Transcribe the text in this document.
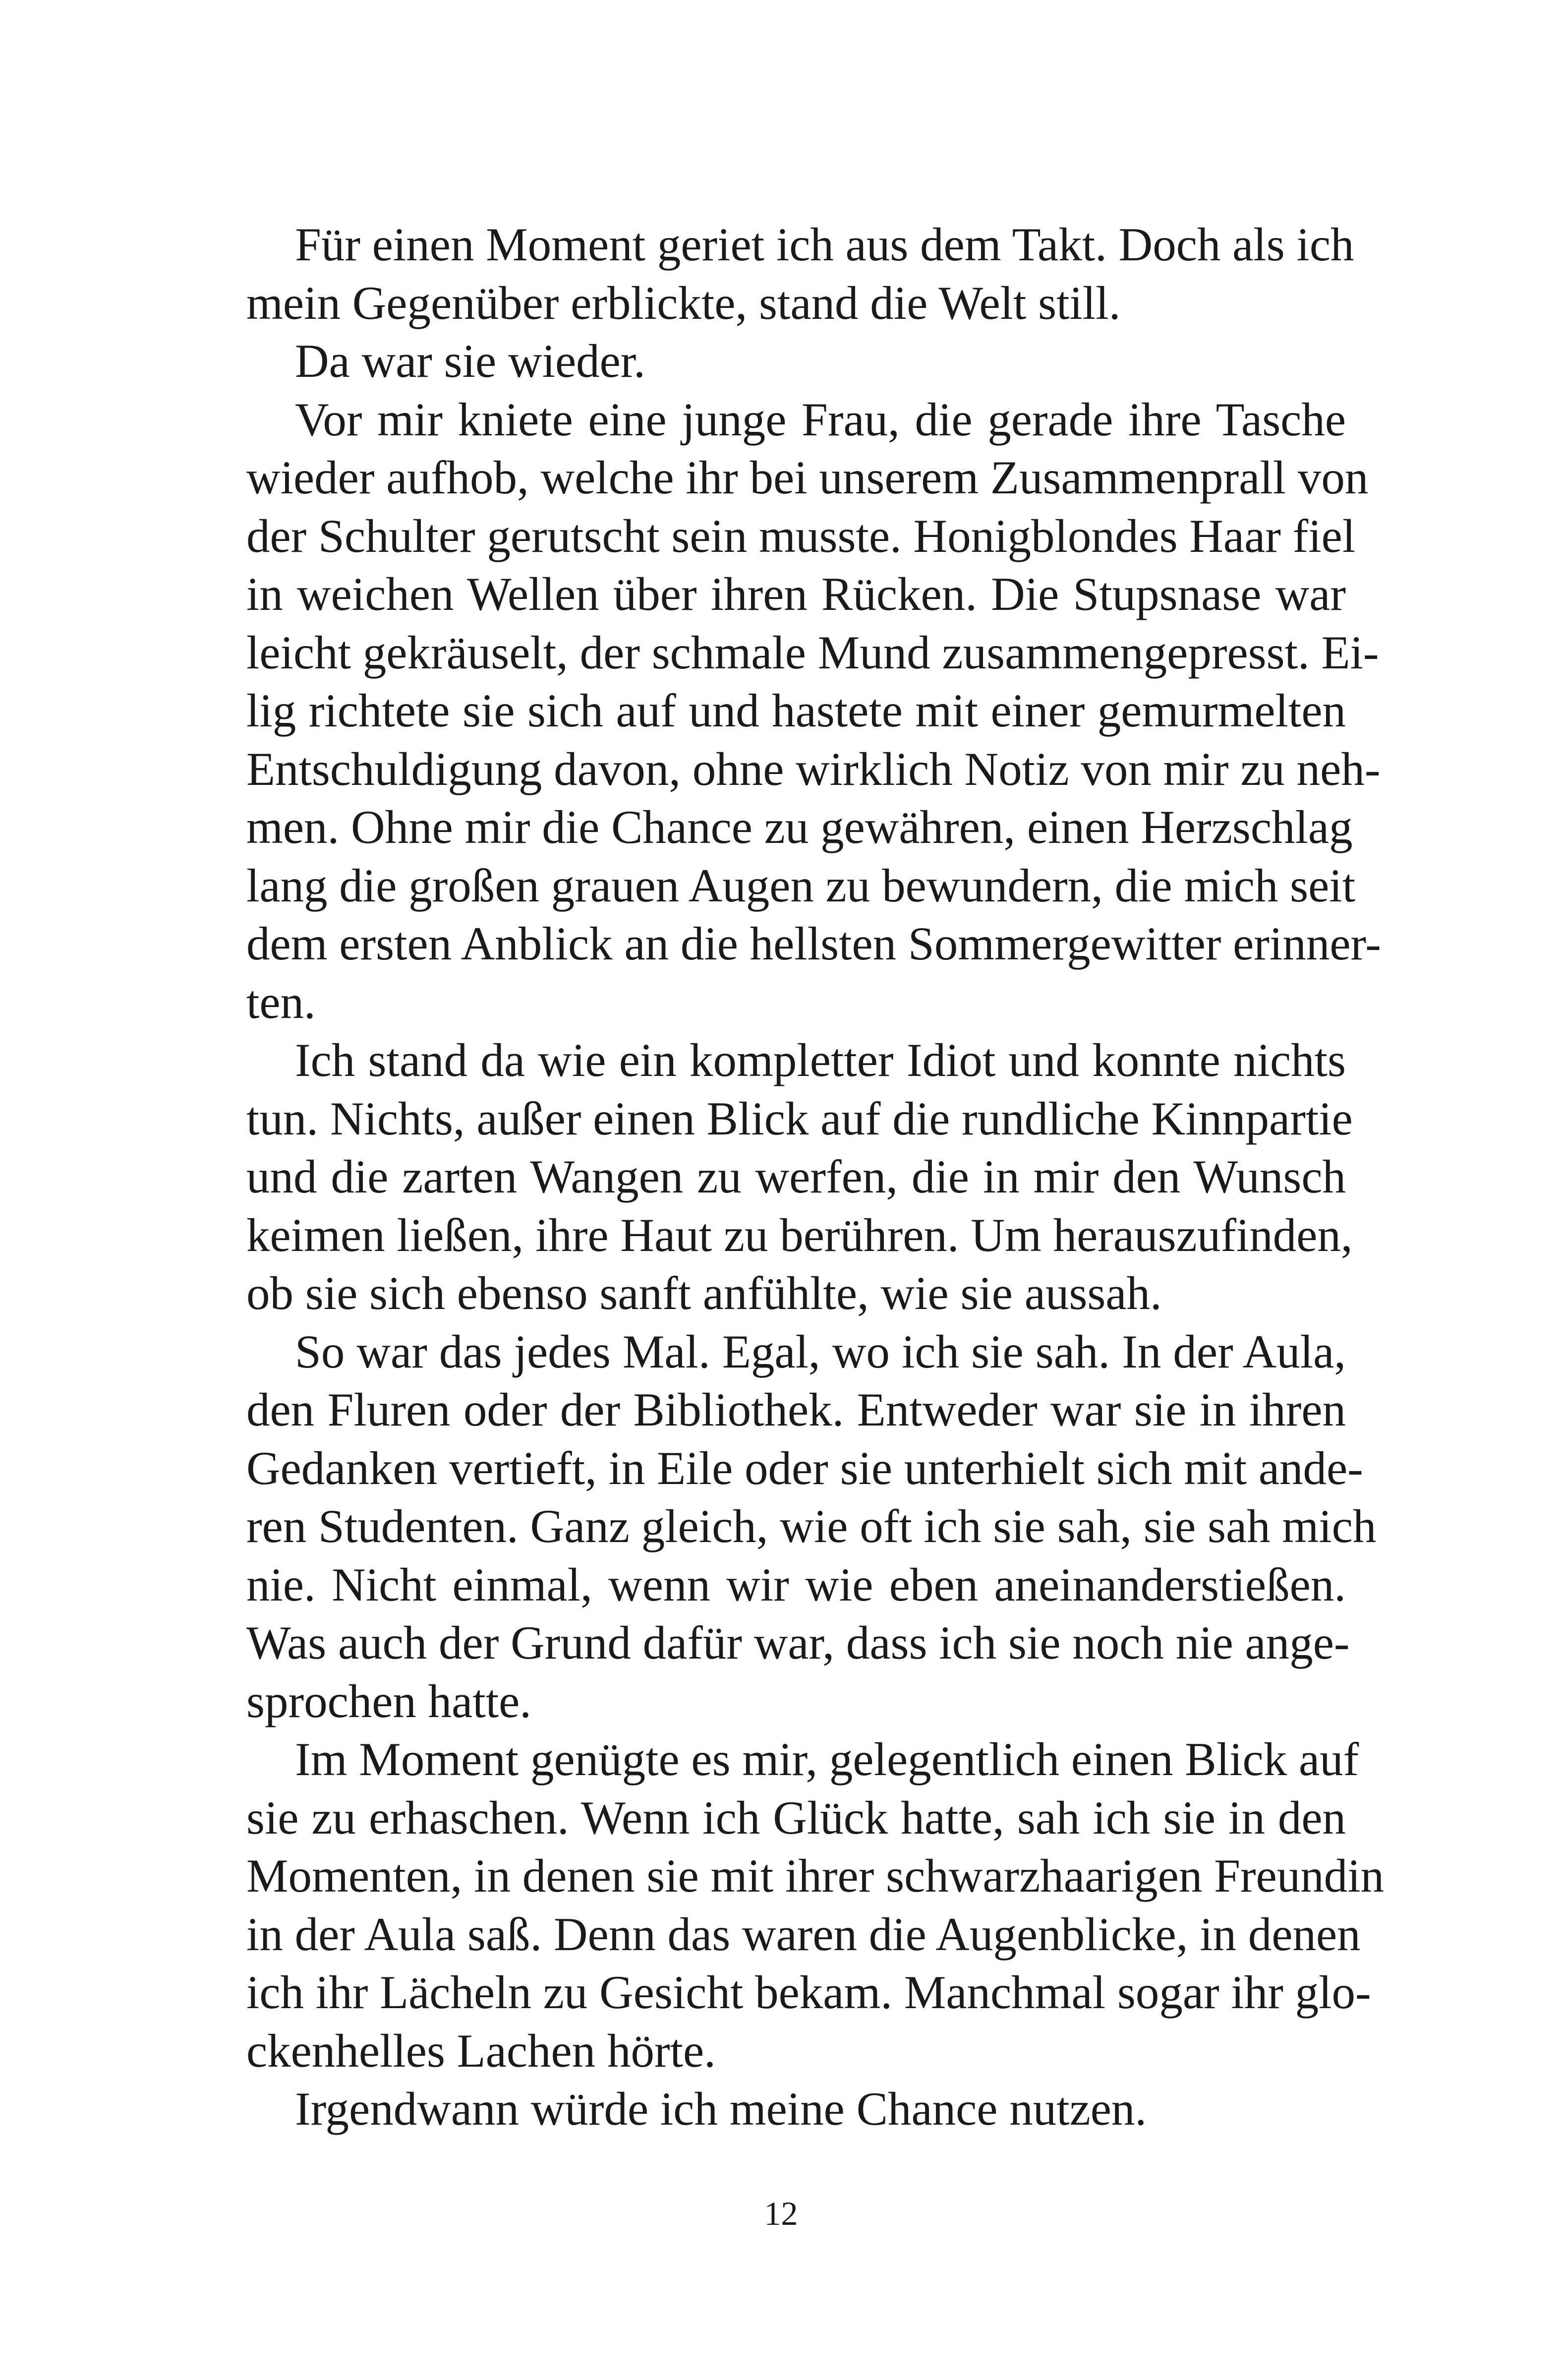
Für einen Moment geriet ich aus dem Takt. Doch als ich
mein Gegenüber erblickte, stand die Welt still.
Da war sie wieder.
Vor mir kniete eine junge Frau, die gerade ihre Tasche
wieder aufhob, welche ihr bei unserem Zusammenprall von
der Schulter gerutscht sein musste. Honigblondes Haar fiel
in weichen Wellen über ihren Rücken. Die Stupsnase war
leicht gekräuselt, der schmale Mund zusammengepresst. Ei-
lig richtete sie sich auf und hastete mit einer gemurmelten
Entschuldigung davon, ohne wirklich Notiz von mir zu neh-
men. Ohne mir die Chance zu gewähren, einen Herzschlag
lang die großen grauen Augen zu bewundern, die mich seit
dem ersten Anblick an die hellsten Sommergewitter erinner-
ten.
Ich stand da wie ein kompletter Idiot und konnte nichts
tun. Nichts, außer einen Blick auf die rundliche Kinnpartie
und die zarten Wangen zu werfen, die in mir den Wunsch
keimen ließen, ihre Haut zu berühren. Um herauszufinden,
ob sie sich ebenso sanft anfühlte, wie sie aussah.
So war das jedes Mal. Egal, wo ich sie sah. In der Aula,
den Fluren oder der Bibliothek. Entweder war sie in ihren
Gedanken vertieft, in Eile oder sie unterhielt sich mit ande-
ren Studenten. Ganz gleich, wie oft ich sie sah, sie sah mich
nie. Nicht einmal, wenn wir wie eben aneinanderstießen.
Was auch der Grund dafür war, dass ich sie noch nie ange-
sprochen hatte.
Im Moment genügte es mir, gelegentlich einen Blick auf
sie zu erhaschen. Wenn ich Glück hatte, sah ich sie in den
Momenten, in denen sie mit ihrer schwarzhaarigen Freundin
in der Aula saß. Denn das waren die Augenblicke, in denen
ich ihr Lächeln zu Gesicht bekam. Manchmal sogar ihr glo-
ckenhelles Lachen hörte.
Irgendwann würde ich meine Chance nutzen.
12
